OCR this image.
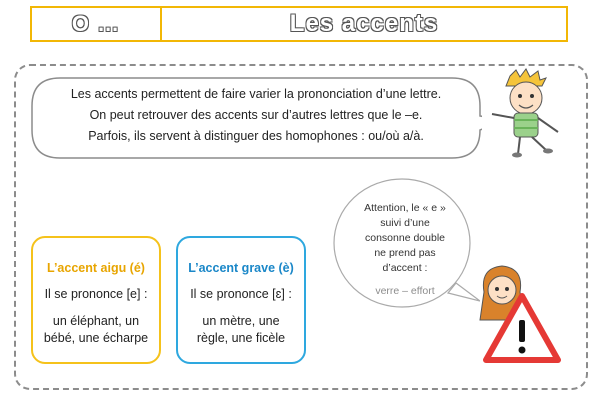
O …	Les accents
Les accents permettent de faire varier la prononciation d’une lettre.
On peut retrouver des accents sur d’autres lettres que le –e.
Parfois, ils servent à distinguer des homophones : ou/où a/à.
L’accent aigu (é)
Il se prononce [e] :
un éléphant, un
bébé, une écharpe
L’accent grave (è)
Il se prononce [ɛ] :
un mètre, une
règle, une ficèle
Attention, le « e »
suivi d’une
consonne double
ne prend pas
d’accent :
verre – effort
